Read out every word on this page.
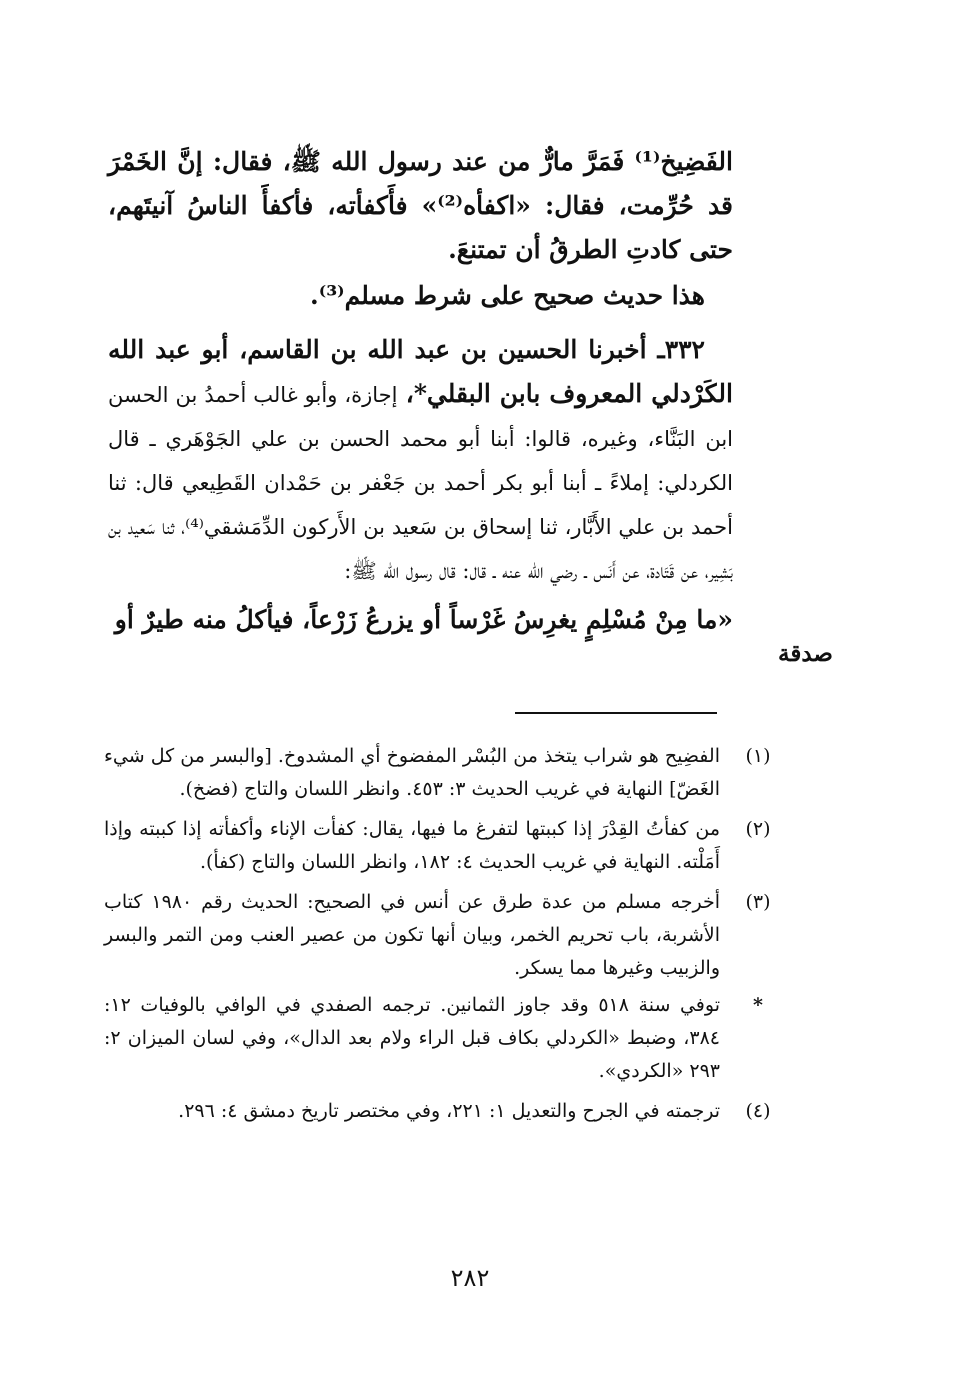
الفَضِيخ⁽¹⁾ فَمَرَّ مارٌّ من عند رسول الله ﷺ، فقال: إنَّ الخَمْرَ قد حُرِّمت، فقال: «اكفأه⁽²⁾» فأَكفأته، فأكفأَ الناسُ آنيتَهم، حتى كادتِ الطرقُ أن تمتنعَ.

هذا حديث صحيح على شرط مسلم⁽³⁾.

٣٣٢ـ أخبرنا الحسين بن عبد الله بن القاسم، أبو عبد الله الكَرْدلي المعروف بابن البقلي*، إجازة، وأبو غالب أحمدُ بن الحسن ابن البَنَّاء، وغيره، قالوا: أبنا أبو محمد الحسن بن علي الجَوْهَري ـ قال الكردلي: إملاءً ـ أبنا أبو بكر أحمد بن جَعْفر بن حَمْدان القَطِيعي قال: ثنا أحمد بن علي الأَبَّار، ثنا إسحاق بن سَعيد بن الأَركون الدِّمَشقي⁽⁴⁾، ثنا سَعيد بن بَشِير، عن قَتَادة، عن أَنَس ـ رضي الله عنه ـ قال: قال رسول الله ﷺ:

«ما مِنْ مُسْلِمٍ يغرِسُ غَرْساً أو يزرعُ زَرْعاً، فيأكلُ منه طيرٌ أو

صدقة
(١)
الفضِيح هو شراب يتخذ من البُسْر المفضوخ أي المشدوخ. [والبسر من كل شيء الغَضّ] النهاية في غريب الحديث ٣: ٤٥٣. وانظر اللسان والتاج (فضخ).
(٢)
من كفأتُ القِدْرَ إذا كببتها لتفرغ ما فيها، يقال: كفأت الإناء وأكفأته إذا كببته وإذا أَمَلْته. النهاية في غريب الحديث ٤: ١٨٢، وانظر اللسان والتاج (كفأ).
(٣)
أخرجه مسلم من عدة طرق عن أنس في الصحيح: الحديث رقم ١٩٨٠ كتاب الأشربة، باب تحريم الخمر، وبيان أنها تكون من عصير العنب ومن التمر والبسر والزبيب وغيرها مما يسكر.
*
توفي سنة ٥١٨ وقد جاوز الثمانين. ترجمه الصفدي في الوافي بالوفيات ١٢: ٣٨٤، وضبط «الكردلي بكاف قبل الراء ولام بعد الدال»، وفي لسان الميزان ٢: ٢٩٣ «الكردي».
(٤)
ترجمته في الجرح والتعديل ١: ٢٢١، وفي مختصر تاريخ دمشق ٤: ٢٩٦.
٢٨٢
